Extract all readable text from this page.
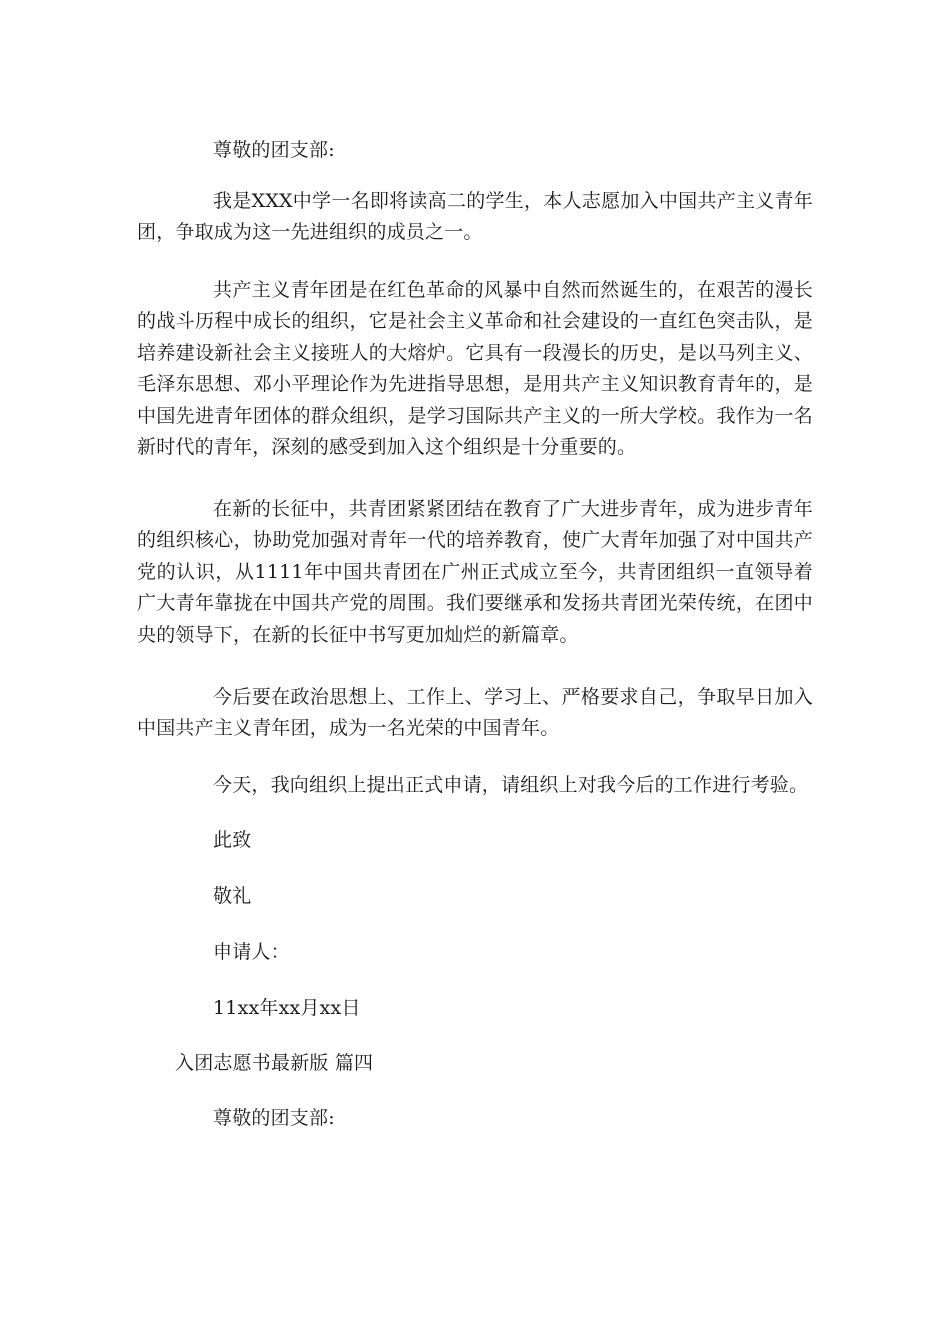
尊敬的团支部:
我是XXX中学一名即将读高二的学生，本人志愿加入中国共产主义青年团，争取成为这一先进组织的成员之一。
共产主义青年团是在红色革命的风暴中自然而然诞生的，在艰苦的漫长的战斗历程中成长的组织，它是社会主义革命和社会建设的一直红色突击队，是培养建设新社会主义接班人的大熔炉。它具有一段漫长的历史，是以马列主义、毛泽东思想、邓小平理论作为先进指导思想，是用共产主义知识教育青年的，是中国先进青年团体的群众组织，是学习国际共产主义的一所大学校。我作为一名新时代的青年，深刻的感受到加入这个组织是十分重要的。
在新的长征中，共青团紧紧团结在教育了广大进步青年，成为进步青年的组织核心，协助党加强对青年一代的培养教育，使广大青年加强了对中国共产党的认识，从1111年中国共青团在广州正式成立至今，共青团组织一直领导着广大青年靠拢在中国共产党的周围。我们要继承和发扬共青团光荣传统，在团中央的领导下，在新的长征中书写更加灿烂的新篇章。
今后要在政治思想上、工作上、学习上、严格要求自己，争取早日加入中国共产主义青年团，成为一名光荣的中国青年。
今天，我向组织上提出正式申请，请组织上对我今后的工作进行考验。
此致
敬礼
申请人：
11xx年xx月xx日
入团志愿书最新版 篇四
尊敬的团支部:
